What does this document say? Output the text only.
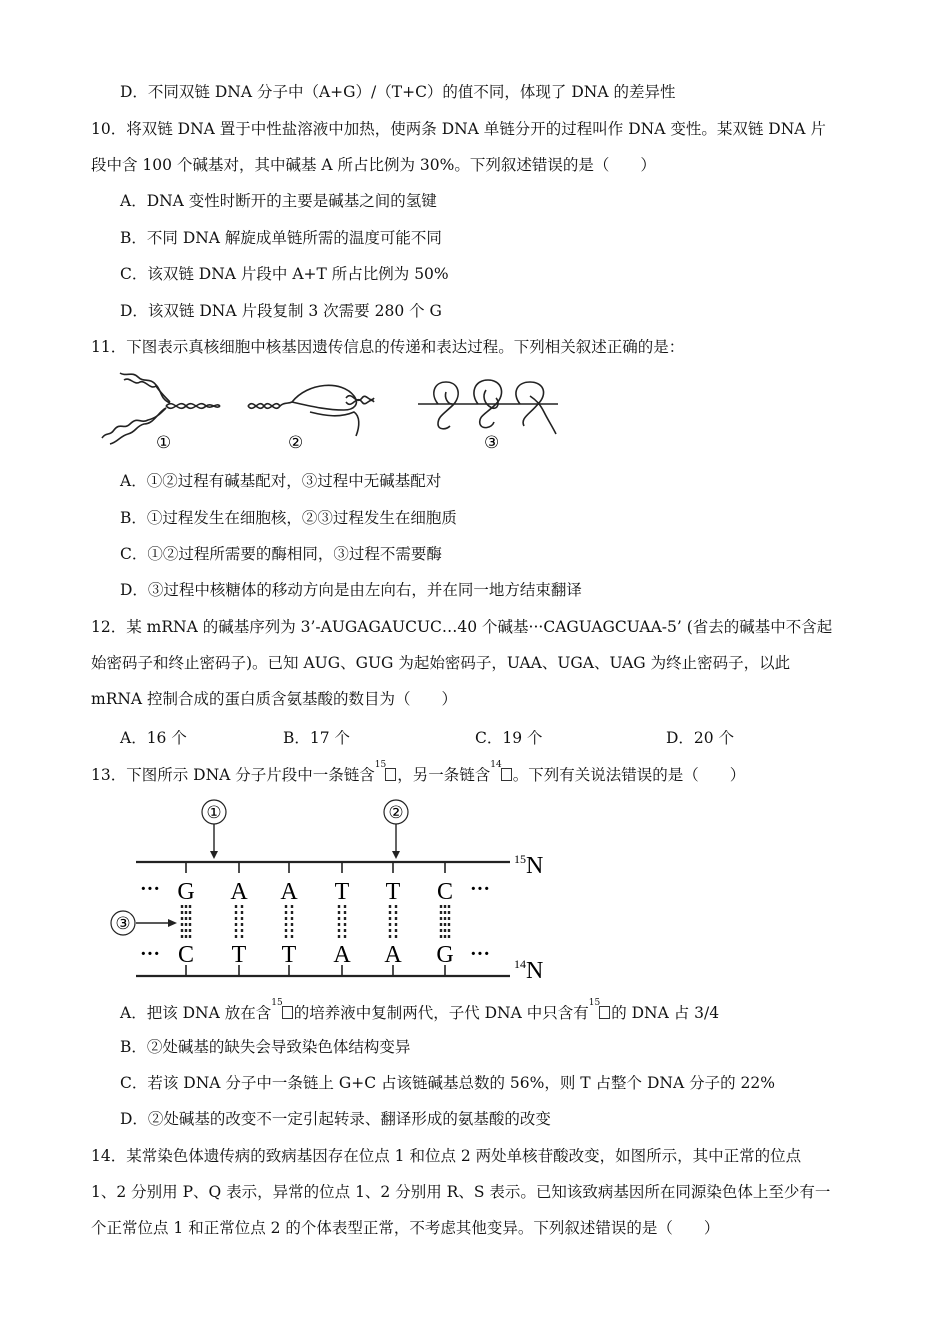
D．不同双链 DNA 分子中（A+G）/（T+C）的值不同，体现了 DNA 的差异性
10．将双链 DNA 置于中性盐溶液中加热，使两条 DNA 单链分开的过程叫作 DNA 变性。某双链 DNA 片
段中含 100 个碱基对，其中碱基 A 所占比例为 30%。下列叙述错误的是（　　）
A．DNA 变性时断开的主要是碱基之间的氢键
B．不同 DNA 解旋成单链所需的温度可能不同
C．该双链 DNA 片段中 A+T 所占比例为 50%
D．该双链 DNA 片段复制 3 次需要 280 个 G
11．下图表示真核细胞中核基因遗传信息的传递和表达过程。下列相关叙述正确的是：
①	②	③
A．①②过程有碱基配对，③过程中无碱基配对
B．①过程发生在细胞核，②③过程发生在细胞质
C．①②过程所需要的酶相同，③过程不需要酶
D．③过程中核糖体的移动方向是由左向右，并在同一地方结束翻译
12．某 mRNA 的碱基序列为 3’-AUGAGAUCUC…40 个碱基···CAGUAGCUAA-5’ (省去的碱基中不含起
始密码子和终止密码子)。已知 AUG、GUG 为起始密码子，UAA、UGA、UAG 为终止密码子，以此
mRNA 控制合成的蛋白质含氨基酸的数目为（　　）
A．16 个	B．17 个	C．19 个	D．20 个
13．下图所示 DNA 分子片段中一条链含$^{15}$，另一条链含$^{14}$。下列有关说法错误的是（　　）
①	②
G A A T T C
C T T A A G
···	···
···	···
③
$^{15}$N
$^{14}$N
A．把该 DNA 放在含$^{15}$的培养液中复制两代，子代 DNA 中只含有$^{15}$的 DNA 占 3/4
B．②处碱基的缺失会导致染色体结构变异
C．若该 DNA 分子中一条链上 G+C 占该链碱基总数的 56%，则 T 占整个 DNA 分子的 22%
D．②处碱基的改变不一定引起转录、翻译形成的氨基酸的改变
14．某常染色体遗传病的致病基因存在位点 1 和位点 2 两处单核苷酸改变，如图所示，其中正常的位点
1、2 分别用 P、Q 表示，异常的位点 1、2 分别用 R、S 表示。已知该致病基因所在同源染色体上至少有一
个正常位点 1 和正常位点 2 的个体表型正常，不考虑其他变异。下列叙述错误的是（　　）
